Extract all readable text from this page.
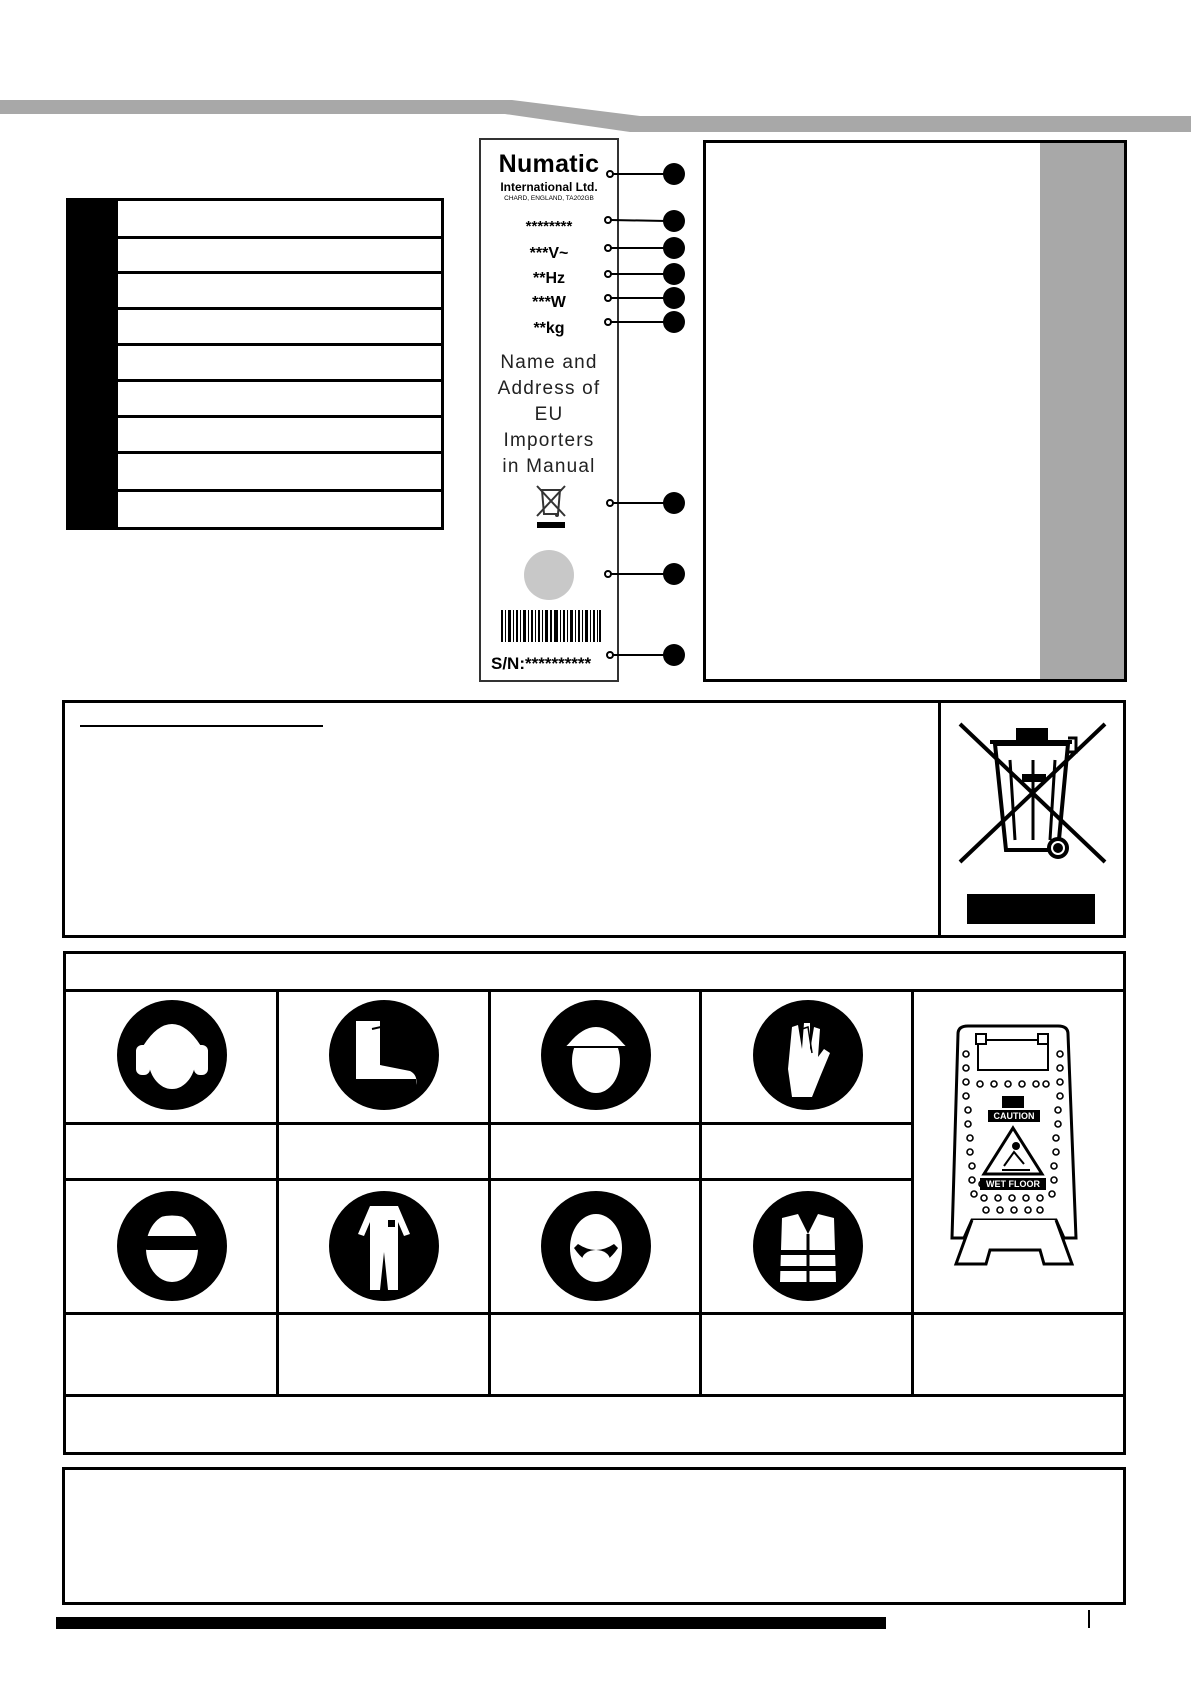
Numatic
International Ltd.
CHARD, ENGLAND, TA202GB
********
***V~
**Hz
***W
**kg
Name and Address of EU Importers in Manual
S/N:**********
CAUTION
WET FLOOR
